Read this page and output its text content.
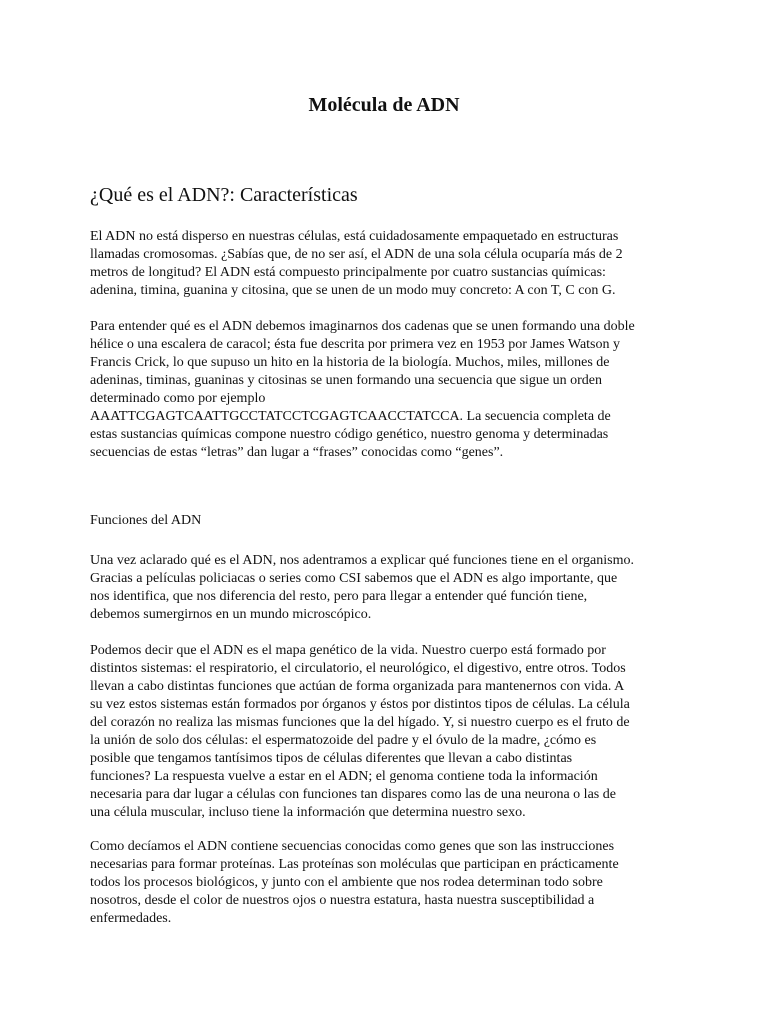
Molécula de ADN
¿Qué es el ADN?: Características

El ADN no está disperso en nuestras células, está cuidadosamente empaquetado en estructuras
llamadas cromosomas. ¿Sabías que, de no ser así, el ADN de una sola célula ocuparía más de 2
metros de longitud? El ADN está compuesto principalmente por cuatro sustancias químicas:
adenina, timina, guanina y citosina, que se unen de un modo muy concreto: A con T, C con G.

Para entender qué es el ADN debemos imaginarnos dos cadenas que se unen formando una doble
hélice o una escalera de caracol; ésta fue descrita por primera vez en 1953 por James Watson y
Francis Crick, lo que supuso un hito en la historia de la biología. Muchos, miles, millones de
adeninas, timinas, guaninas y citosinas se unen formando una secuencia que sigue un orden
determinado como por ejemplo
AAATTCGAGTCAATTGCCTATCCTCGAGTCAACCTATCCA. La secuencia completa de
estas sustancias químicas compone nuestro código genético, nuestro genoma y determinadas
secuencias de estas “letras” dan lugar a “frases” conocidas como “genes”.

Funciones del ADN

Una vez aclarado qué es el ADN, nos adentramos a explicar qué funciones tiene en el organismo.
Gracias a películas policiacas o series como CSI sabemos que el ADN es algo importante, que
nos identifica, que nos diferencia del resto, pero para llegar a entender qué función tiene,
debemos sumergirnos en un mundo microscópico.

Podemos decir que el ADN es el mapa genético de la vida. Nuestro cuerpo está formado por
distintos sistemas: el respiratorio, el circulatorio, el neurológico, el digestivo, entre otros. Todos
llevan a cabo distintas funciones que actúan de forma organizada para mantenernos con vida. A
su vez estos sistemas están formados por órganos y éstos por distintos tipos de células. La célula
del corazón no realiza las mismas funciones que la del hígado. Y, si nuestro cuerpo es el fruto de
la unión de solo dos células: el espermatozoide del padre y el óvulo de la madre, ¿cómo es
posible que tengamos tantísimos tipos de células diferentes que llevan a cabo distintas
funciones? La respuesta vuelve a estar en el ADN; el genoma contiene toda la información
necesaria para dar lugar a células con funciones tan dispares como las de una neurona o las de
una célula muscular, incluso tiene la información que determina nuestro sexo.

Como decíamos el ADN contiene secuencias conocidas como genes que son las instrucciones
necesarias para formar proteínas. Las proteínas son moléculas que participan en prácticamente
todos los procesos biológicos, y junto con el ambiente que nos rodea determinan todo sobre
nosotros, desde el color de nuestros ojos o nuestra estatura, hasta nuestra susceptibilidad a
enfermedades.
